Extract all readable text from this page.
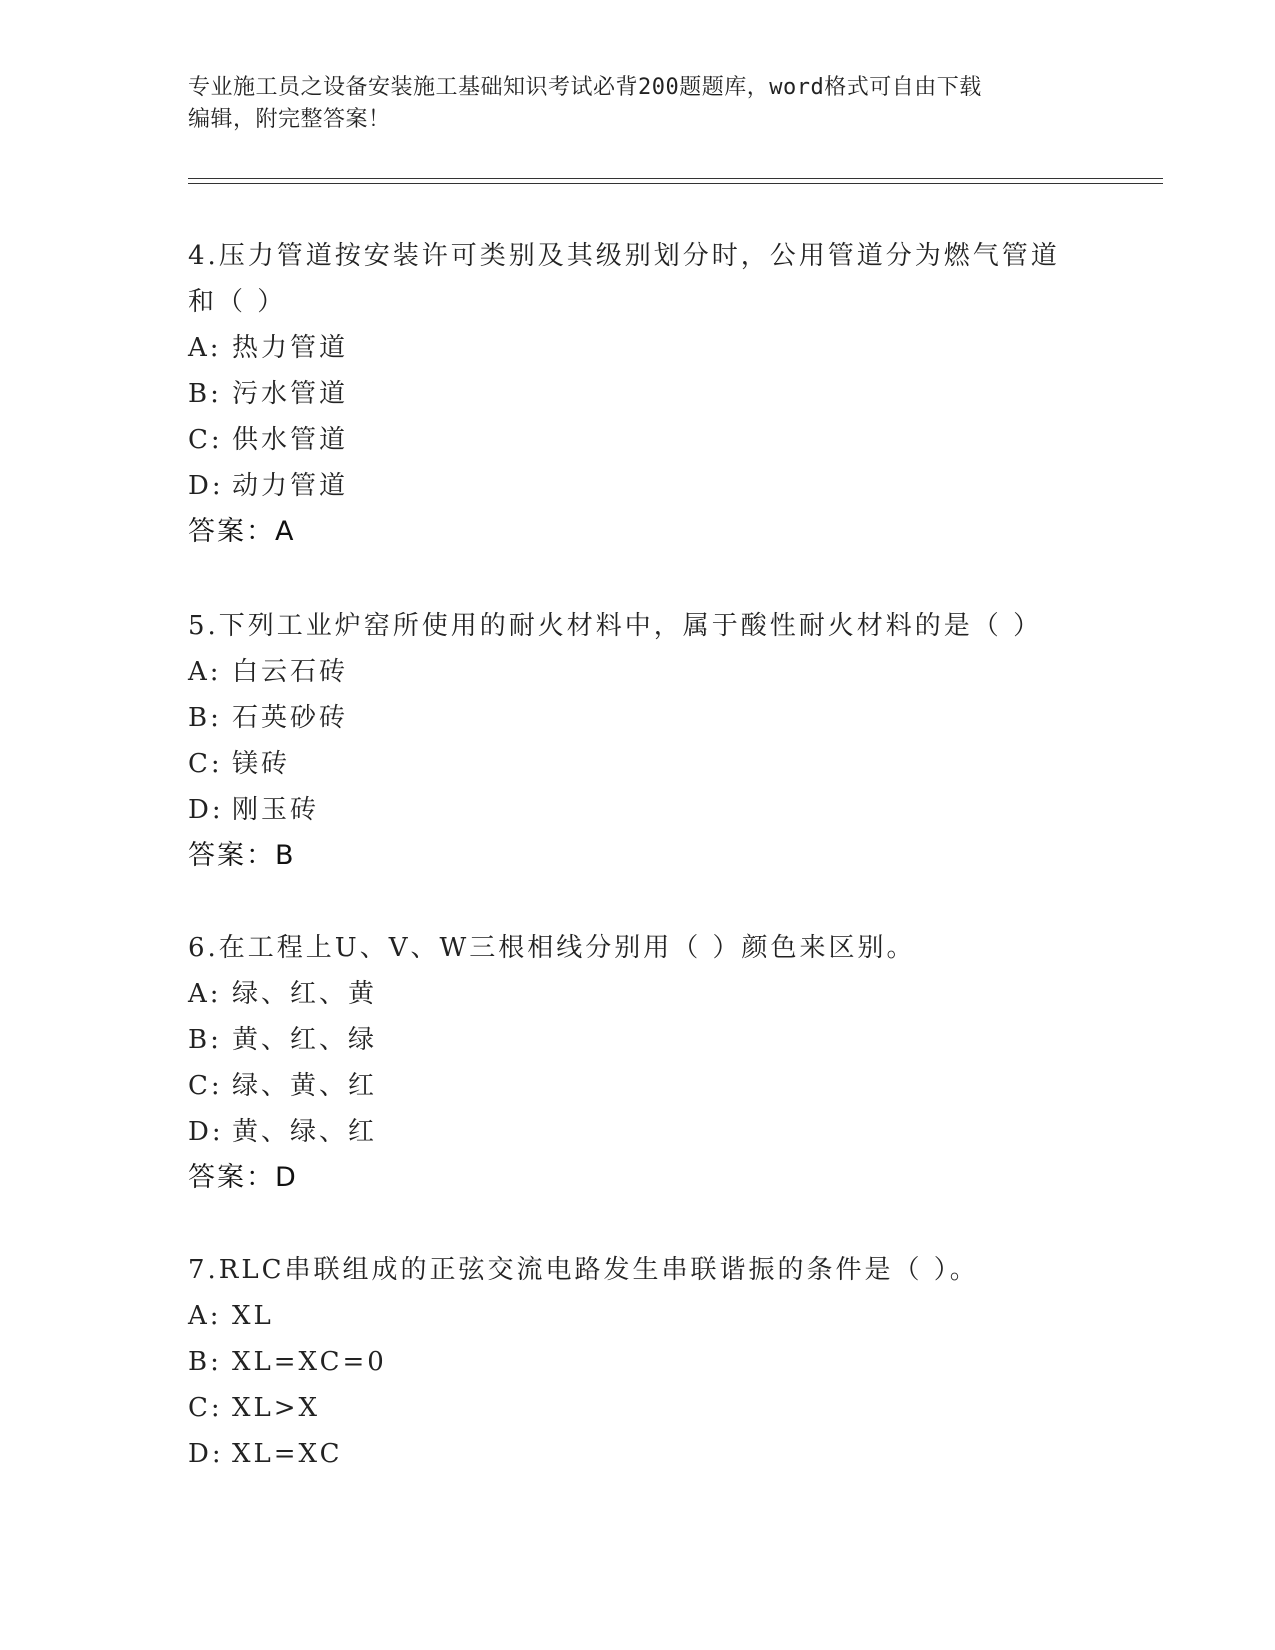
专业施工员之设备安装施工基础知识考试必背200题题库，word格式可自由下载
编辑，附完整答案！

4.压力管道按安装许可类别及其级别划分时，公用管道分为燃气管道

和（ ）

A: 热力管道

B: 污水管道

C: 供水管道

D: 动力管道

答案：A

5.下列工业炉窑所使用的耐火材料中，属于酸性耐火材料的是（ ）

A: 白云石砖

B: 石英砂砖

C: 镁砖

D: 刚玉砖

答案：B

6.在工程上U、V、W三根相线分别用（ ）颜色来区别。

A: 绿、红、黄

B: 黄、红、绿

C: 绿、黄、红

D: 黄、绿、红

答案：D

7.RLC串联组成的正弦交流电路发生串联谐振的条件是（ ）。

A: XL

B: XL=XC=0

C: XL>X

D: XL=XC
